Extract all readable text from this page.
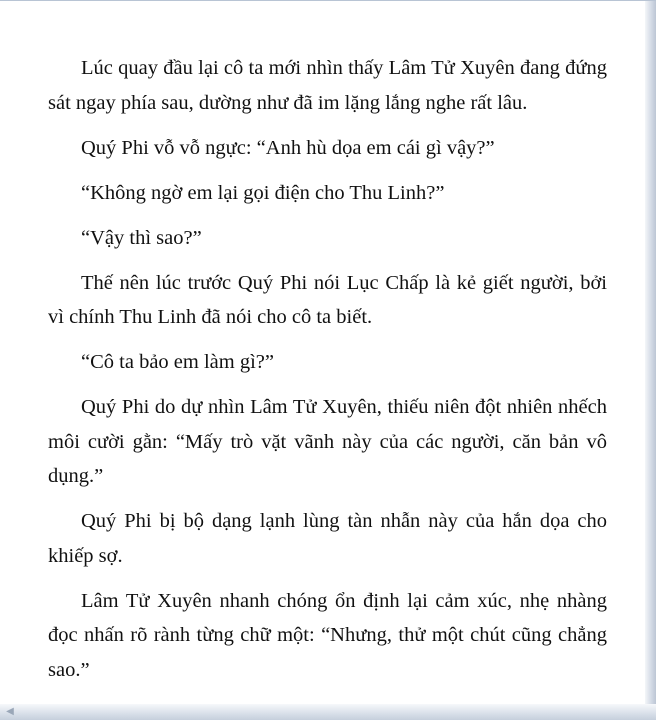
Lúc quay đầu lại cô ta mới nhìn thấy Lâm Tử Xuyên đang đứng sát ngay phía sau, dường như đã im lặng lắng nghe rất lâu.

Quý Phi vỗ vỗ ngực: “Anh hù dọa em cái gì vậy?”

“Không ngờ em lại gọi điện cho Thu Linh?”

“Vậy thì sao?”

Thế nên lúc trước Quý Phi nói Lục Chấp là kẻ giết người, bởi vì chính Thu Linh đã nói cho cô ta biết.

“Cô ta bảo em làm gì?”

Quý Phi do dự nhìn Lâm Tử Xuyên, thiếu niên đột nhiên nhếch môi cười gằn: “Mấy trò vặt vãnh này của các người, căn bản vô dụng.”

Quý Phi bị bộ dạng lạnh lùng tàn nhẫn này của hắn dọa cho khiếp sợ.

Lâm Tử Xuyên nhanh chóng ổn định lại cảm xúc, nhẹ nhàng đọc nhấn rõ rành từng chữ một: “Nhưng, thử một chút cũng chẳng sao.”

◀
